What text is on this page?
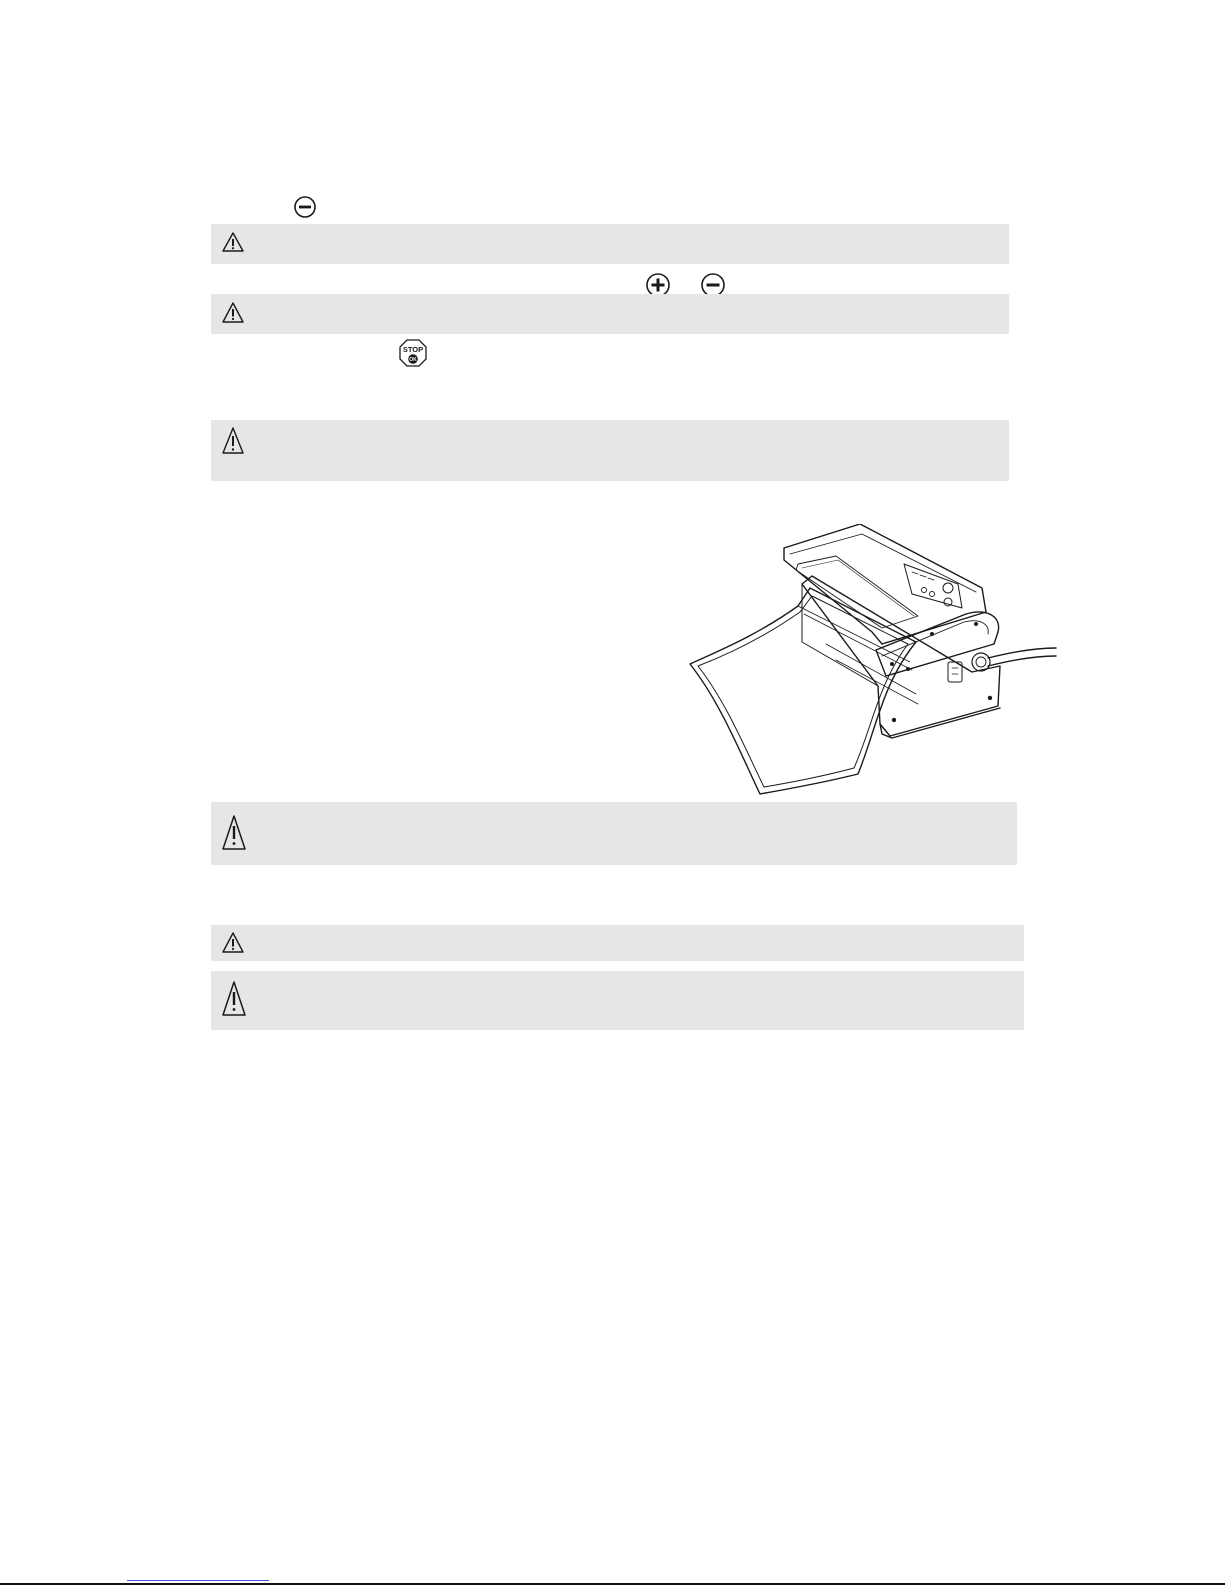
STOP
OK
